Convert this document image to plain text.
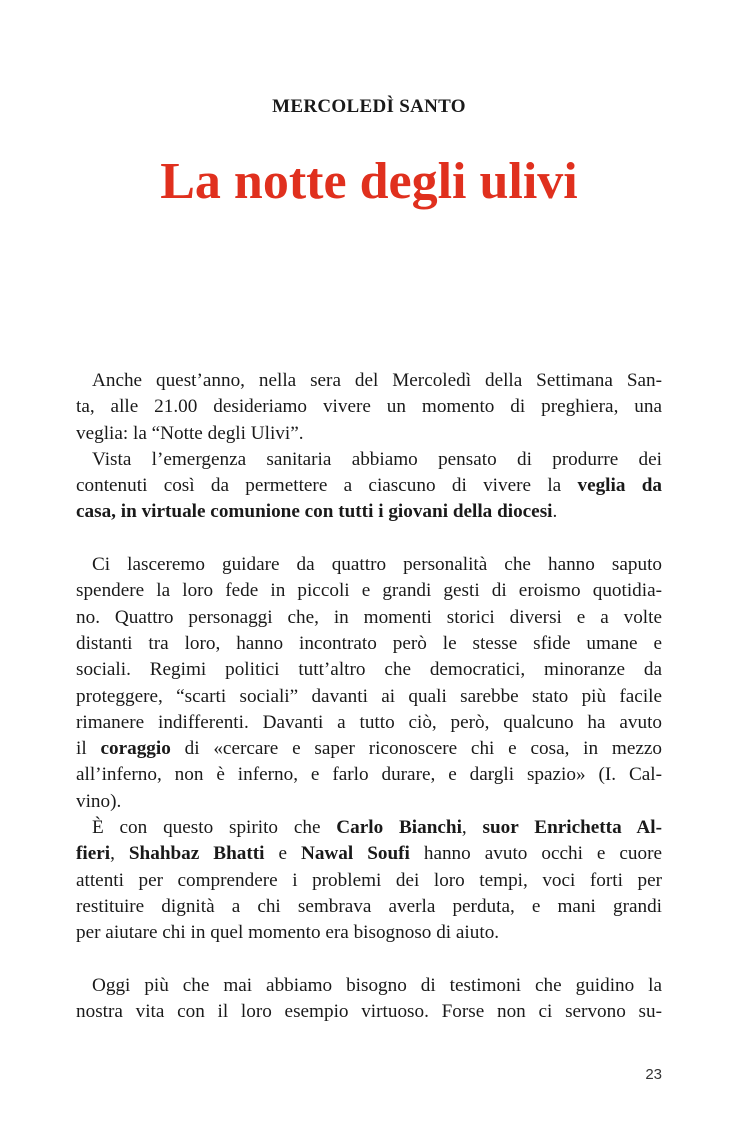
MERCOLEDÌ SANTO
La notte degli ulivi
Anche quest’anno, nella sera del Mercoledì della Settimana San-
ta, alle 21.00 desideriamo vivere un momento di preghiera, una
veglia: la “Notte degli Ulivi”.
Vista l’emergenza sanitaria abbiamo pensato di produrre dei
contenuti così da permettere a ciascuno di vivere la veglia da
casa, in virtuale comunione con tutti i giovani della diocesi.
Ci lasceremo guidare da quattro personalità che hanno saputo
spendere la loro fede in piccoli e grandi gesti di eroismo quotidia-
no. Quattro personaggi che, in momenti storici diversi e a volte
distanti tra loro, hanno incontrato però le stesse sfide umane e
sociali. Regimi politici tutt’altro che democratici, minoranze da
proteggere, “scarti sociali” davanti ai quali sarebbe stato più facile
rimanere indifferenti. Davanti a tutto ciò, però, qualcuno ha avuto
il coraggio di «cercare e saper riconoscere chi e cosa, in mezzo
all’inferno, non è inferno, e farlo durare, e dargli spazio» (I. Cal-
vino).
È con questo spirito che Carlo Bianchi, suor Enrichetta Al-
fieri, Shahbaz Bhatti e Nawal Soufi hanno avuto occhi e cuore
attenti per comprendere i problemi dei loro tempi, voci forti per
restituire dignità a chi sembrava averla perduta, e mani grandi
per aiutare chi in quel momento era bisognoso di aiuto.
Oggi più che mai abbiamo bisogno di testimoni che guidino la
nostra vita con il loro esempio virtuoso. Forse non ci servono su-
23
